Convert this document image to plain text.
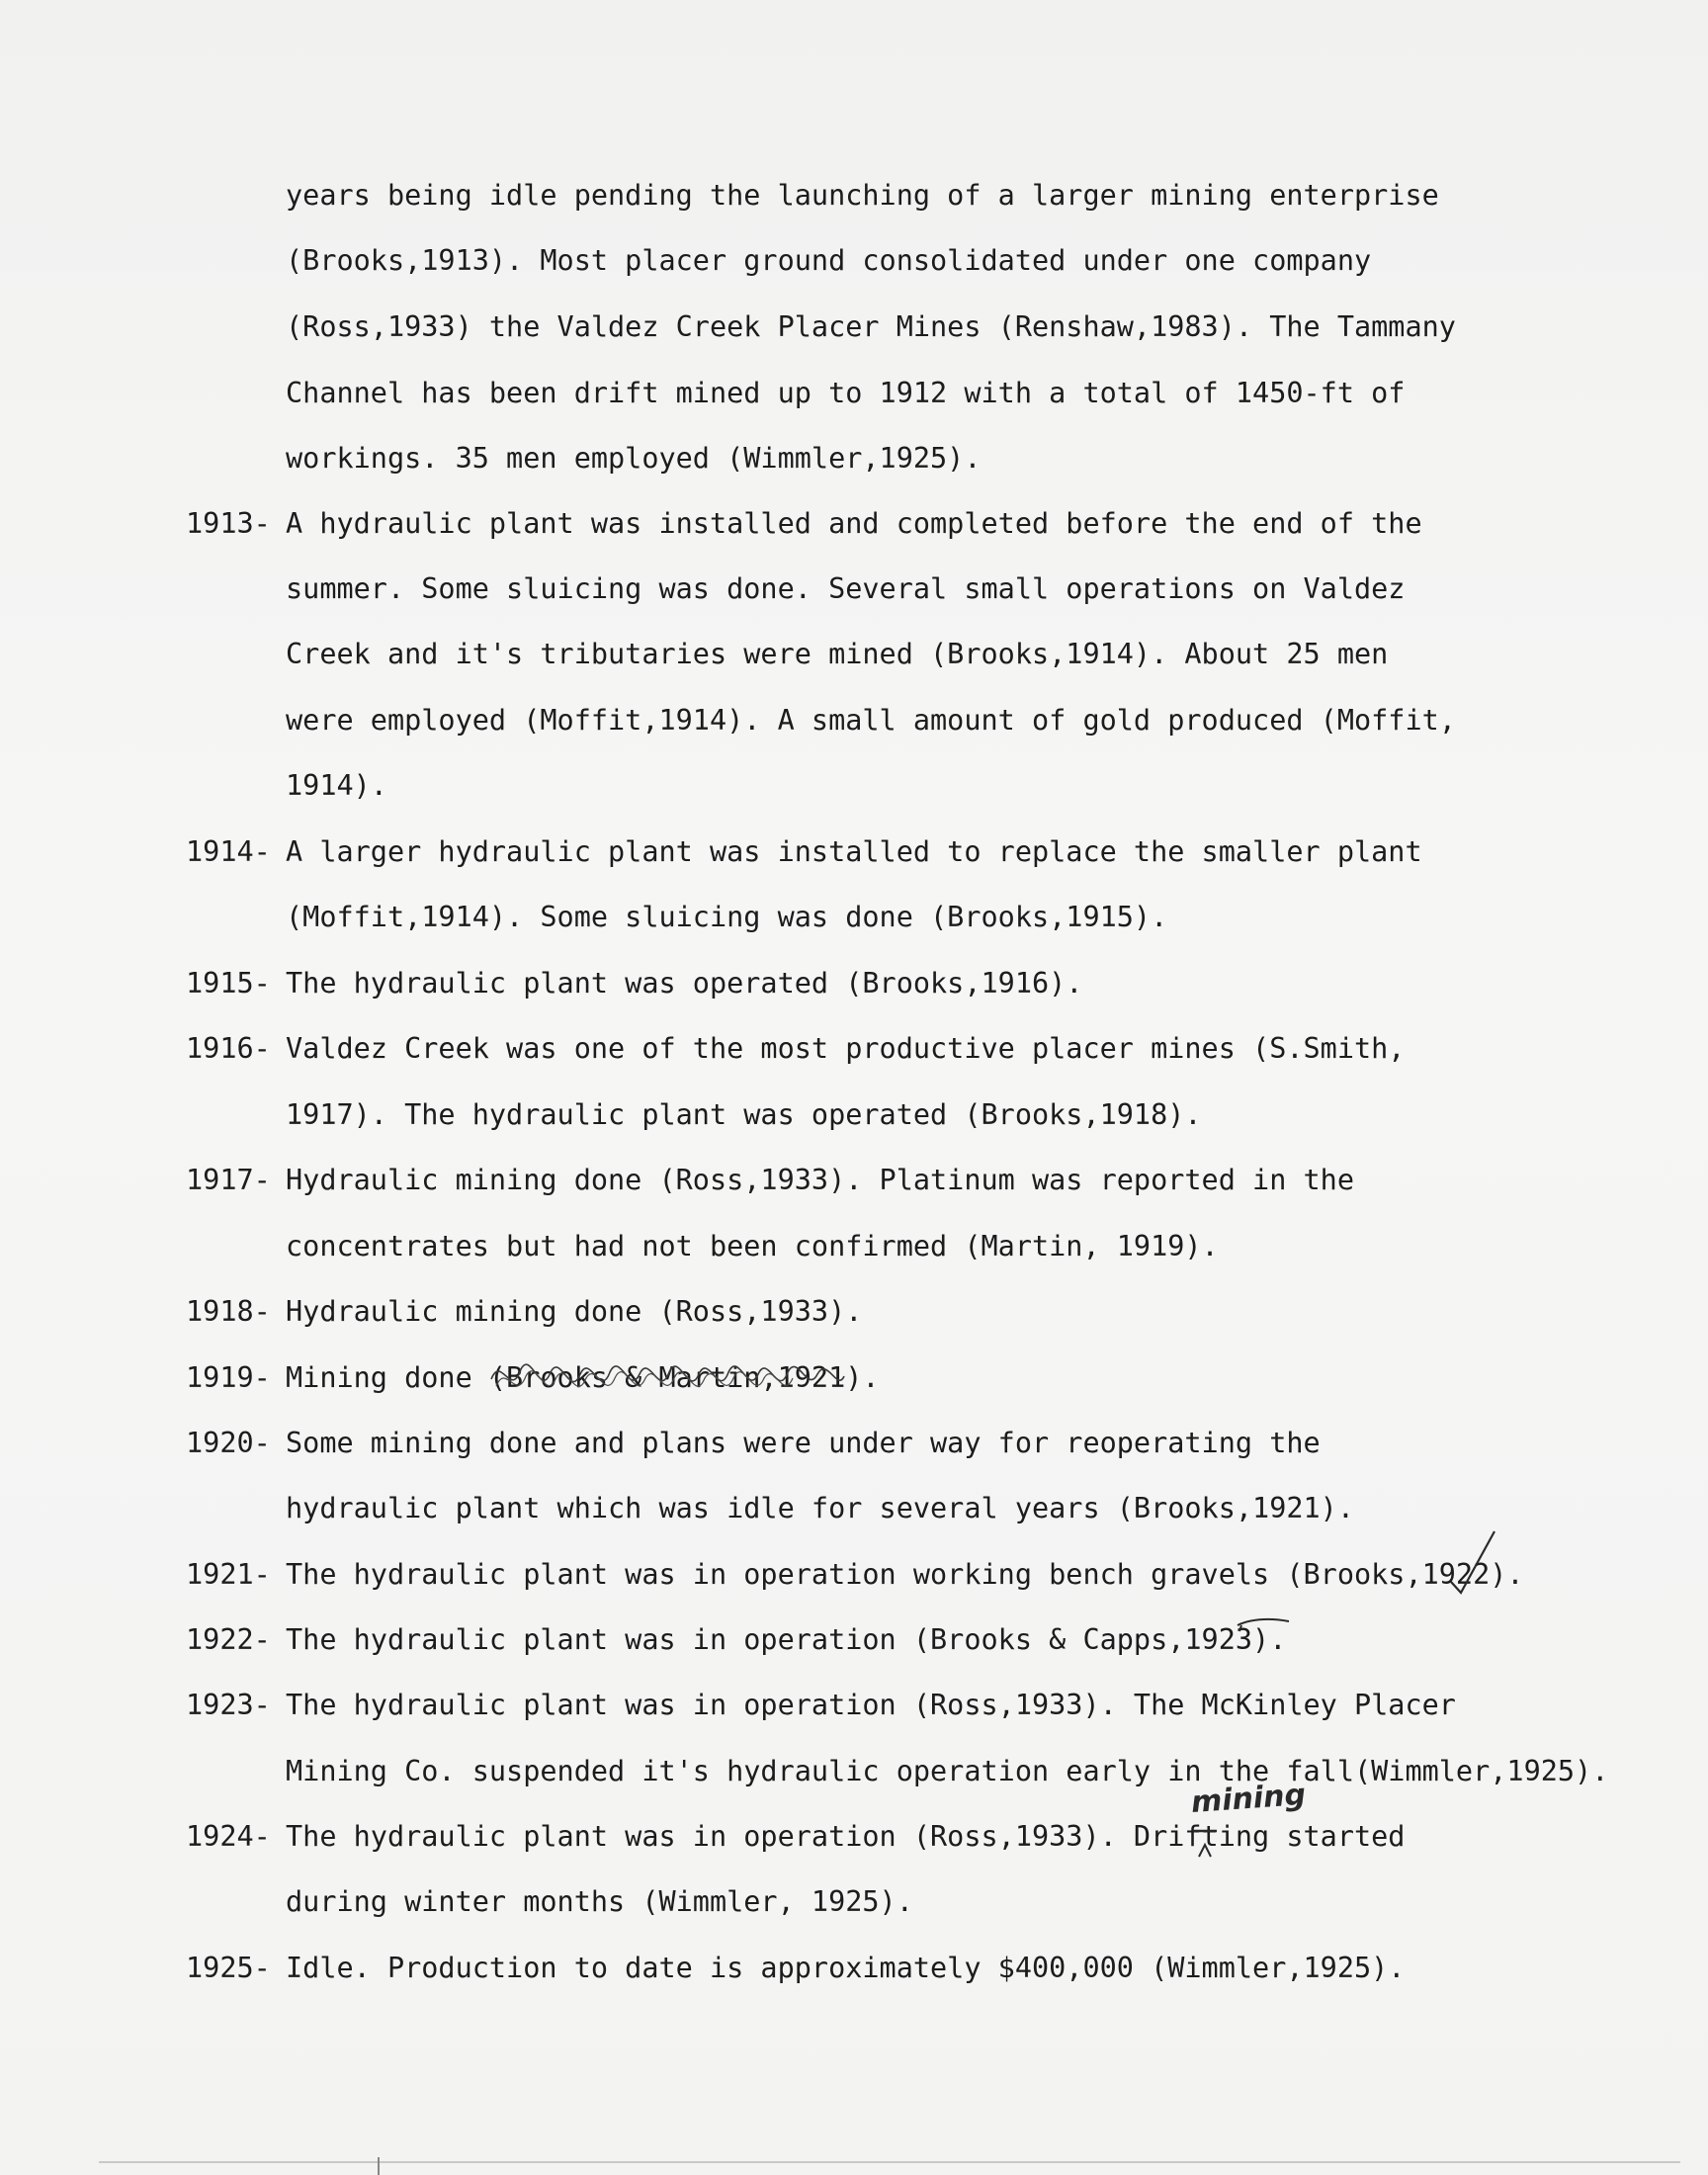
years being idle pending the launching of a larger mining enterprise
(Brooks,1913). Most placer ground consolidated under one company
(Ross,1933) the Valdez Creek Placer Mines (Renshaw,1983). The Tammany
Channel has been drift mined up to 1912 with a total of 1450-ft of
workings. 35 men employed (Wimmler,1925).
1913- A hydraulic plant was installed and completed before the end of the
summer. Some sluicing was done. Several small operations on Valdez
Creek and it's tributaries were mined (Brooks,1914). About 25 men
were employed (Moffit,1914). A small amount of gold produced (Moffit,
1914).
1914- A larger hydraulic plant was installed to replace the smaller plant
(Moffit,1914). Some sluicing was done (Brooks,1915).
1915- The hydraulic plant was operated (Brooks,1916).
1916- Valdez Creek was one of the most productive placer mines (S.Smith,
1917). The hydraulic plant was operated (Brooks,1918).
1917- Hydraulic mining done (Ross,1933). Platinum was reported in the
concentrates but had not been confirmed (Martin, 1919).
1918- Hydraulic mining done (Ross,1933).
1919- Mining done (Brooks & Martin,1921).
1920- Some mining done and plans were under way for reoperating the
hydraulic plant which was idle for several years (Brooks,1921).
1921- The hydraulic plant was in operation working bench gravels (Brooks,1922).
1922- The hydraulic plant was in operation (Brooks & Capps,1923).
1923- The hydraulic plant was in operation (Ross,1933). The McKinley Placer
Mining Co. suspended it's hydraulic operation early in the fall(Wimmler,1925).
1924- The hydraulic plant was in operation (Ross,1933). Drifting started
during winter months (Wimmler, 1925).
1925- Idle. Production to date is approximately $400,000 (Wimmler,1925).
mining
